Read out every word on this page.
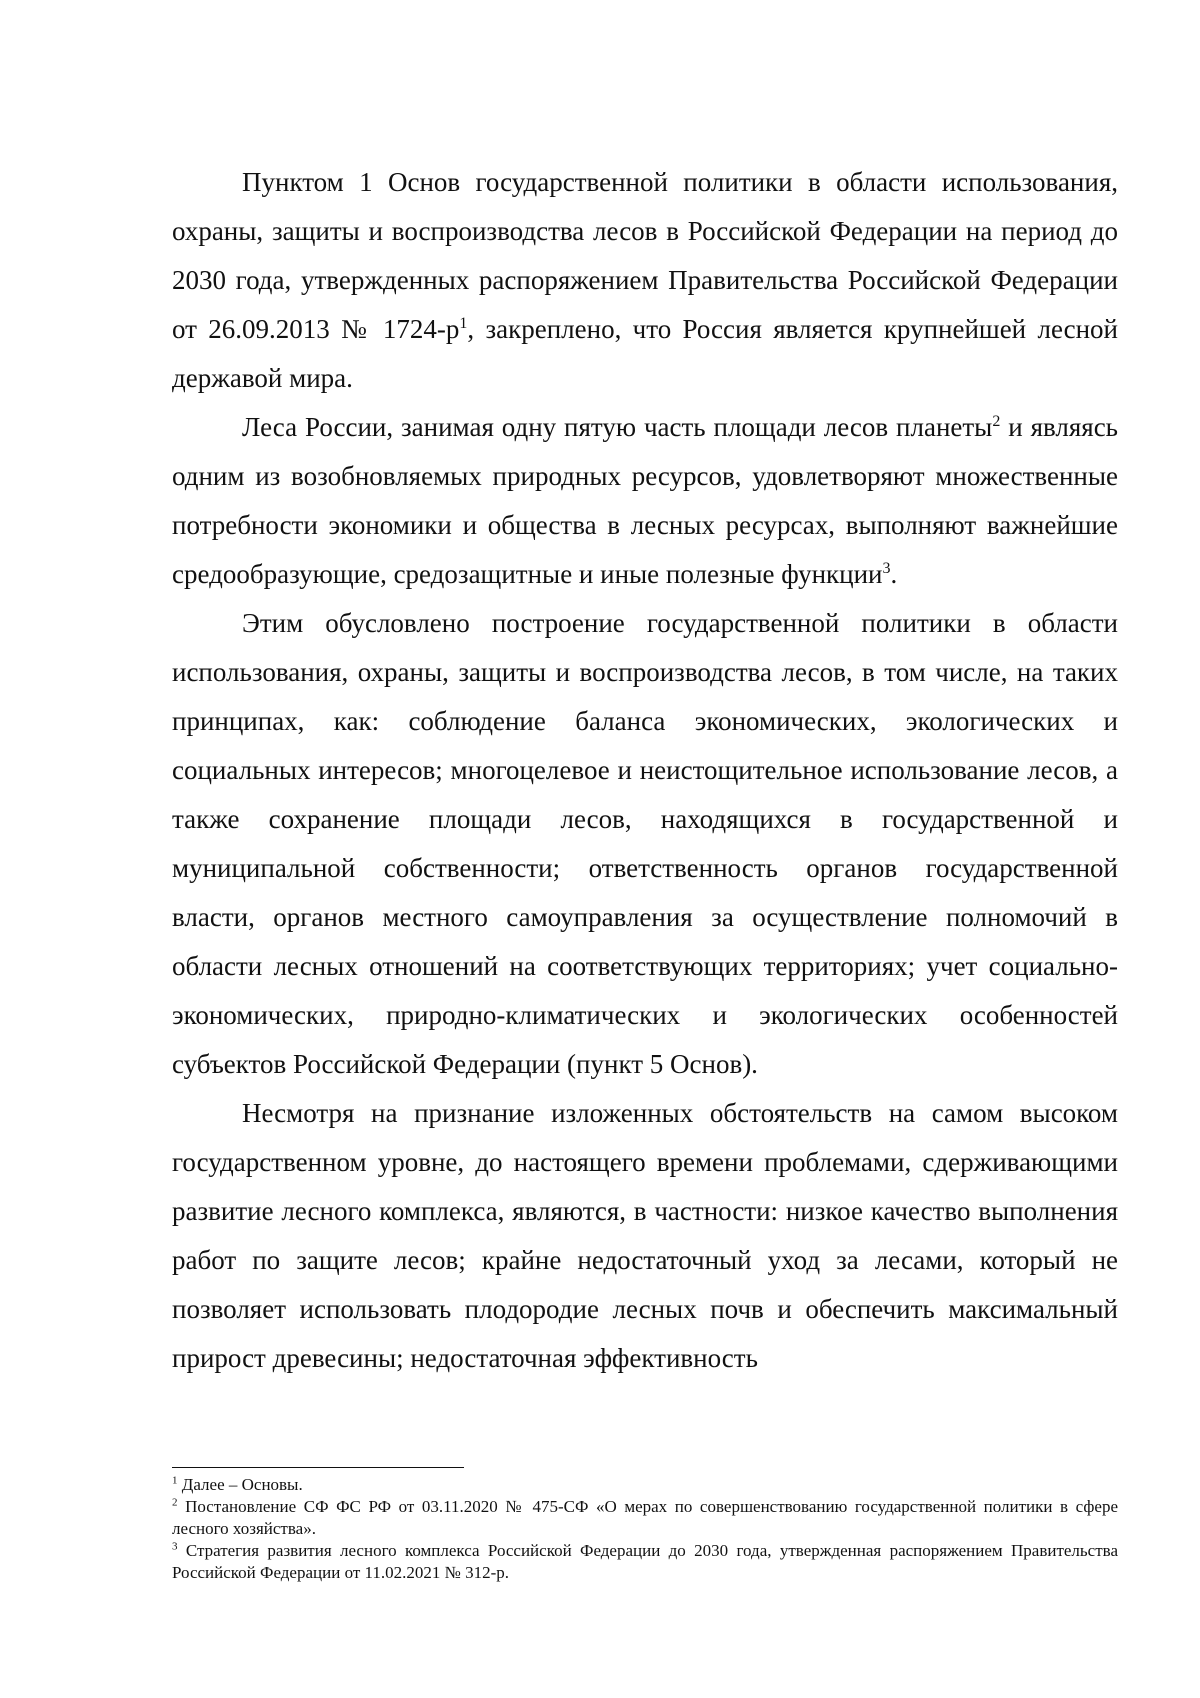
Пунктом 1 Основ государственной политики в области использования, охраны, защиты и воспроизводства лесов в Российской Федерации на период до 2030 года, утвержденных распоряжением Правительства Российской Федерации от 26.09.2013 № $1724-р^1$, закреплено, что Россия является крупнейшей лесной державой мира.

Леса России, занимая одну пятую часть площади лесов планеты$^2$ и являясь одним из возобновляемых природных ресурсов, удовлетворяют множественные потребности экономики и общества в лесных ресурсах, выполняют важнейшие средообразующие, средозащитные и иные полезные функции$^3$.

Этим обусловлено построение государственной политики в области использования, охраны, защиты и воспроизводства лесов, в том числе, на таких принципах, как: соблюдение баланса экономических, экологических и социальных интересов; многоцелевое и неистощительное использование лесов, а также сохранение площади лесов, находящихся в государственной и муниципальной собственности; ответственность органов государственной власти, органов местного самоуправления за осуществление полномочий в области лесных отношений на соответствующих территориях; учет социально-экономических, природно-климатических и экологических особенностей субъектов Российской Федерации (пункт 5 Основ).

Несмотря на признание изложенных обстоятельств на самом высоком государственном уровне, до настоящего времени проблемами, сдерживающими развитие лесного комплекса, являются, в частности: низкое качество выполнения работ по защите лесов; крайне недостаточный уход за лесами, который не позволяет использовать плодородие лесных почв и обеспечить максимальный прирост древесины; недостаточная эффективность

$^1$ Далее – Основы.

$^2$ Постановление СФ ФС РФ от 03.11.2020 № 475-СФ «О мерах по совершенствованию государственной политики в сфере лесного хозяйства».

$^3$ Стратегия развития лесного комплекса Российской Федерации до 2030 года, утвержденная распоряжением Правительства Российской Федерации от 11.02.2021 № 312-р.
